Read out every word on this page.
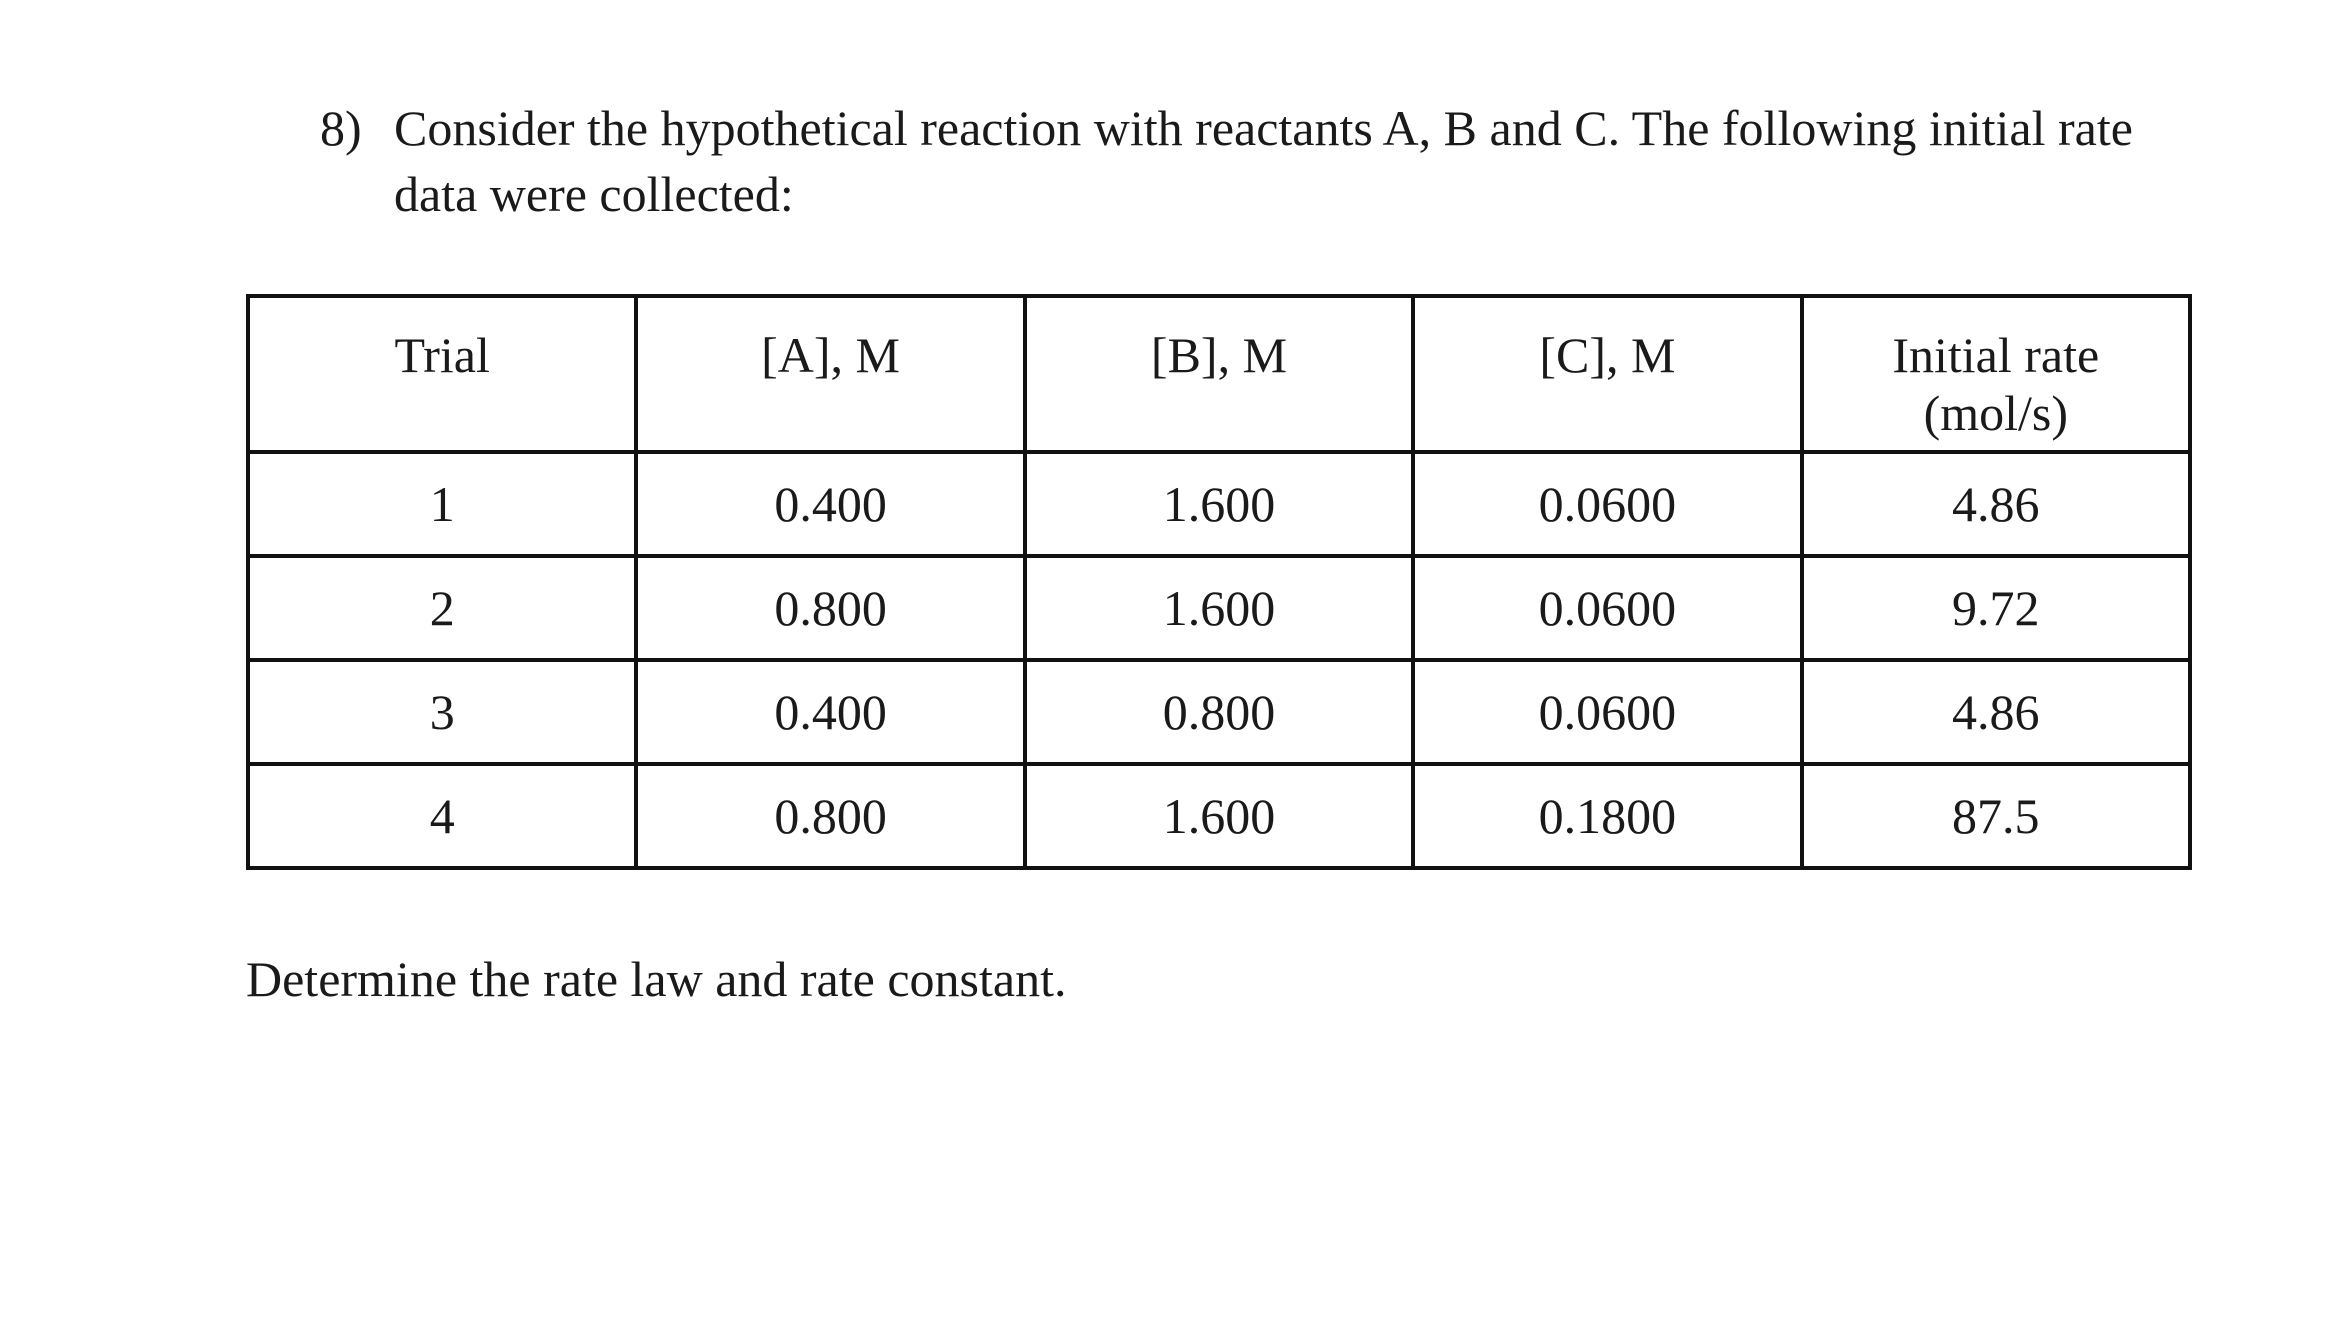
8) Consider the hypothetical reaction with reactants A, B and C. The following initial rate data were collected:
Trial	[A], M	[B], M	[C], M	Initial rate
(mol/s)

1	0.400	1.600	0.0600	4.86
2	0.800	1.600	0.0600	9.72
3	0.400	0.800	0.0600	4.86
4	0.800	1.600	0.1800	87.5
Determine the rate law and rate constant.
